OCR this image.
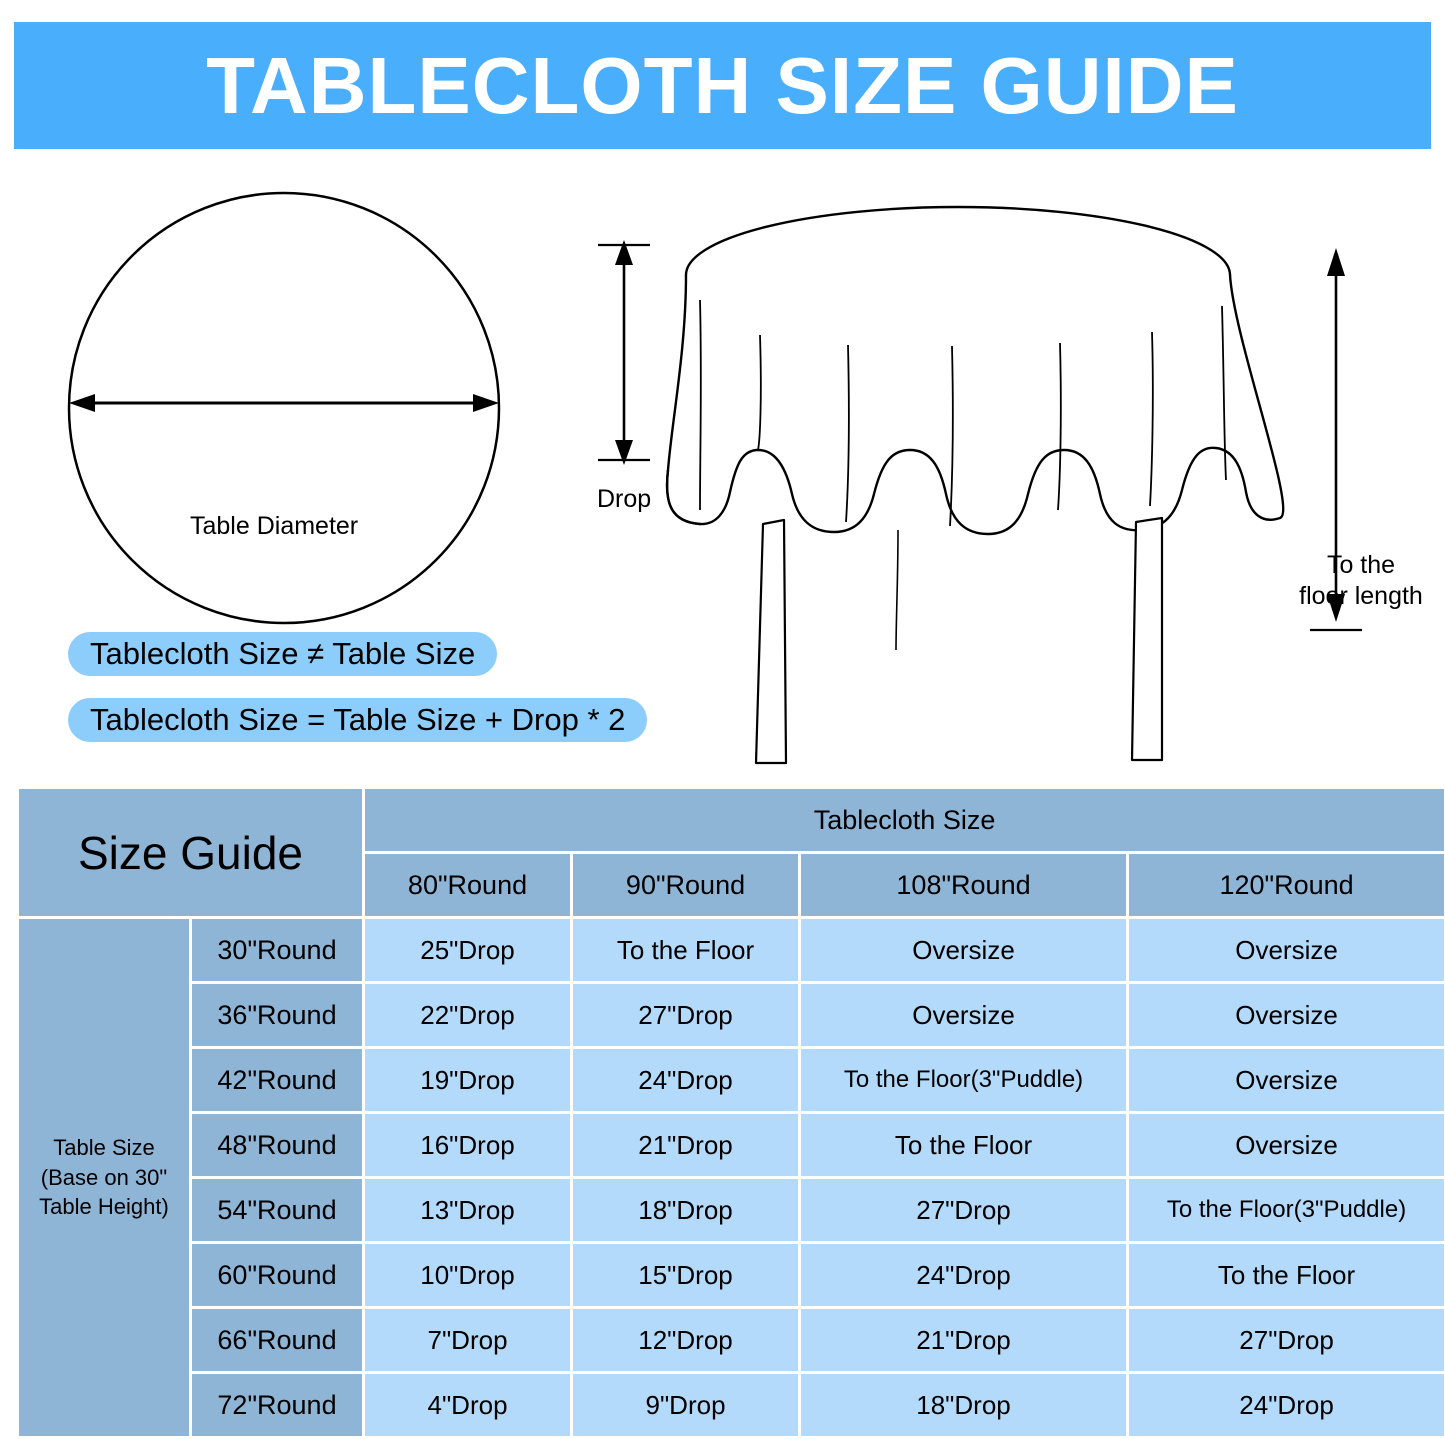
TABLECLOTH SIZE GUIDE
Table Diameter
Drop
To the
floor length
Tablecloth Size ≠ Table Size
Tablecloth Size = Table Size + Drop * 2
Size Guide		Tablecloth Size			
		80"Round	90"Round	108"Round	120"Round
Table Size
(Base on 30"
Table Height)	30"Round	25"Drop	To the Floor	Oversize	Oversize
	36"Round	22"Drop	27"Drop	Oversize	Oversize
	42"Round	19"Drop	24"Drop	To the Floor(3"Puddle)	Oversize
	48"Round	16"Drop	21"Drop	To the Floor	Oversize
	54"Round	13"Drop	18"Drop	27"Drop	To the Floor(3"Puddle)
	60"Round	10"Drop	15"Drop	24"Drop	To the Floor
	66"Round	7"Drop	12"Drop	21"Drop	27"Drop
	72"Round	4"Drop	9"Drop	18"Drop	24"Drop
